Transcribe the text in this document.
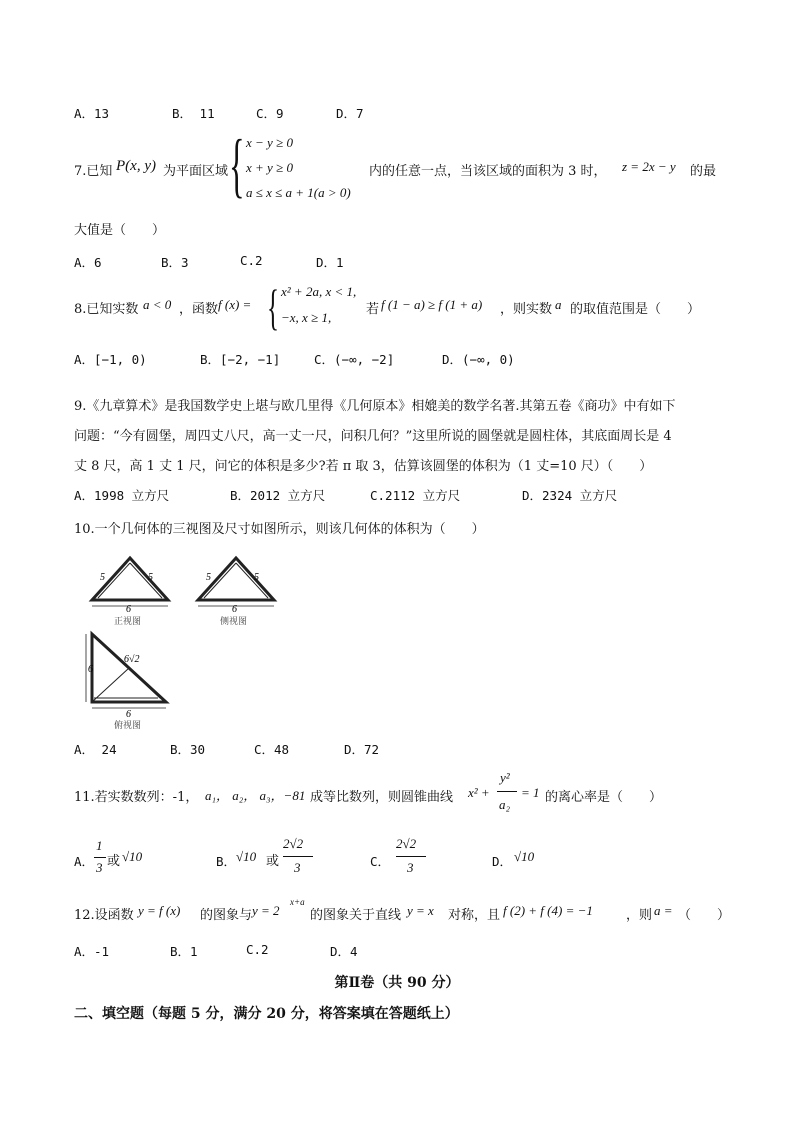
A．13	B． 11	C．9	D．7
7.已知 P(x, y) 为平面区域 { x − y ≥ 0
x + y ≥ 0
a ≤ x ≤ a + 1(a > 0)
内的任意一点，当该区域的面积为 3 时， z = 2x − y 的最
大值是（　　）
A．6	B．3	C.2	D．1
8.已知实数 a < 0 ，函数 f (x) = { x² + 2a, x < 1,
−x, x ≥ 1,
若 f (1 − a) ≥ f (1 + a) ，则实数 a 的取值范围是（　　）
A．[−1, 0)	B．[−2, −1]	C．(−∞, −2]	D．(−∞, 0)
9.《九章算术》是我国数学史上堪与欧几里得《几何原本》相媲美的数学名著.其第五卷《商功》中有如下
问题：“今有圆堡，周四丈八尺，高一丈一尺，问积几何？”这里所说的圆堡就是圆柱体，其底面周长是 4
丈 8 尺，高 1 丈 1 尺，问它的体积是多少?若 π 取 3，估算该圆堡的体积为（1 丈=10 尺）（　　）
A．1998 立方尺	B．2012 立方尺	C.2112 立方尺	D．2324 立方尺
10.一个几何体的三视图及尺寸如图所示，则该几何体的体积为（　　）
5	5
6
正视图
5	5
6
侧视图
6
6√2
6
俯视图
A． 24	B．30	C．48	D．72
11.若实数数列：-1， a₁， a₂， a₃，−81 成等比数列，则圆锥曲线 x² +
y²
a₂
= 1 的离心率是（　　）
A．
1
3 或 √10	B． √10 或
2√2
3	C．
2√2
3	D． √10
12.设函数 y = f (x) 的图象与 y = 2
x+a
的图象关于直线 y = x 对称，且 f (2) + f (4) = −1	，则 a = （　　）
A．-1	B．1	C.2	D．4
第Ⅱ卷（共 90 分）
二、填空题（每题 5 分，满分 20 分，将答案填在答题纸上）
